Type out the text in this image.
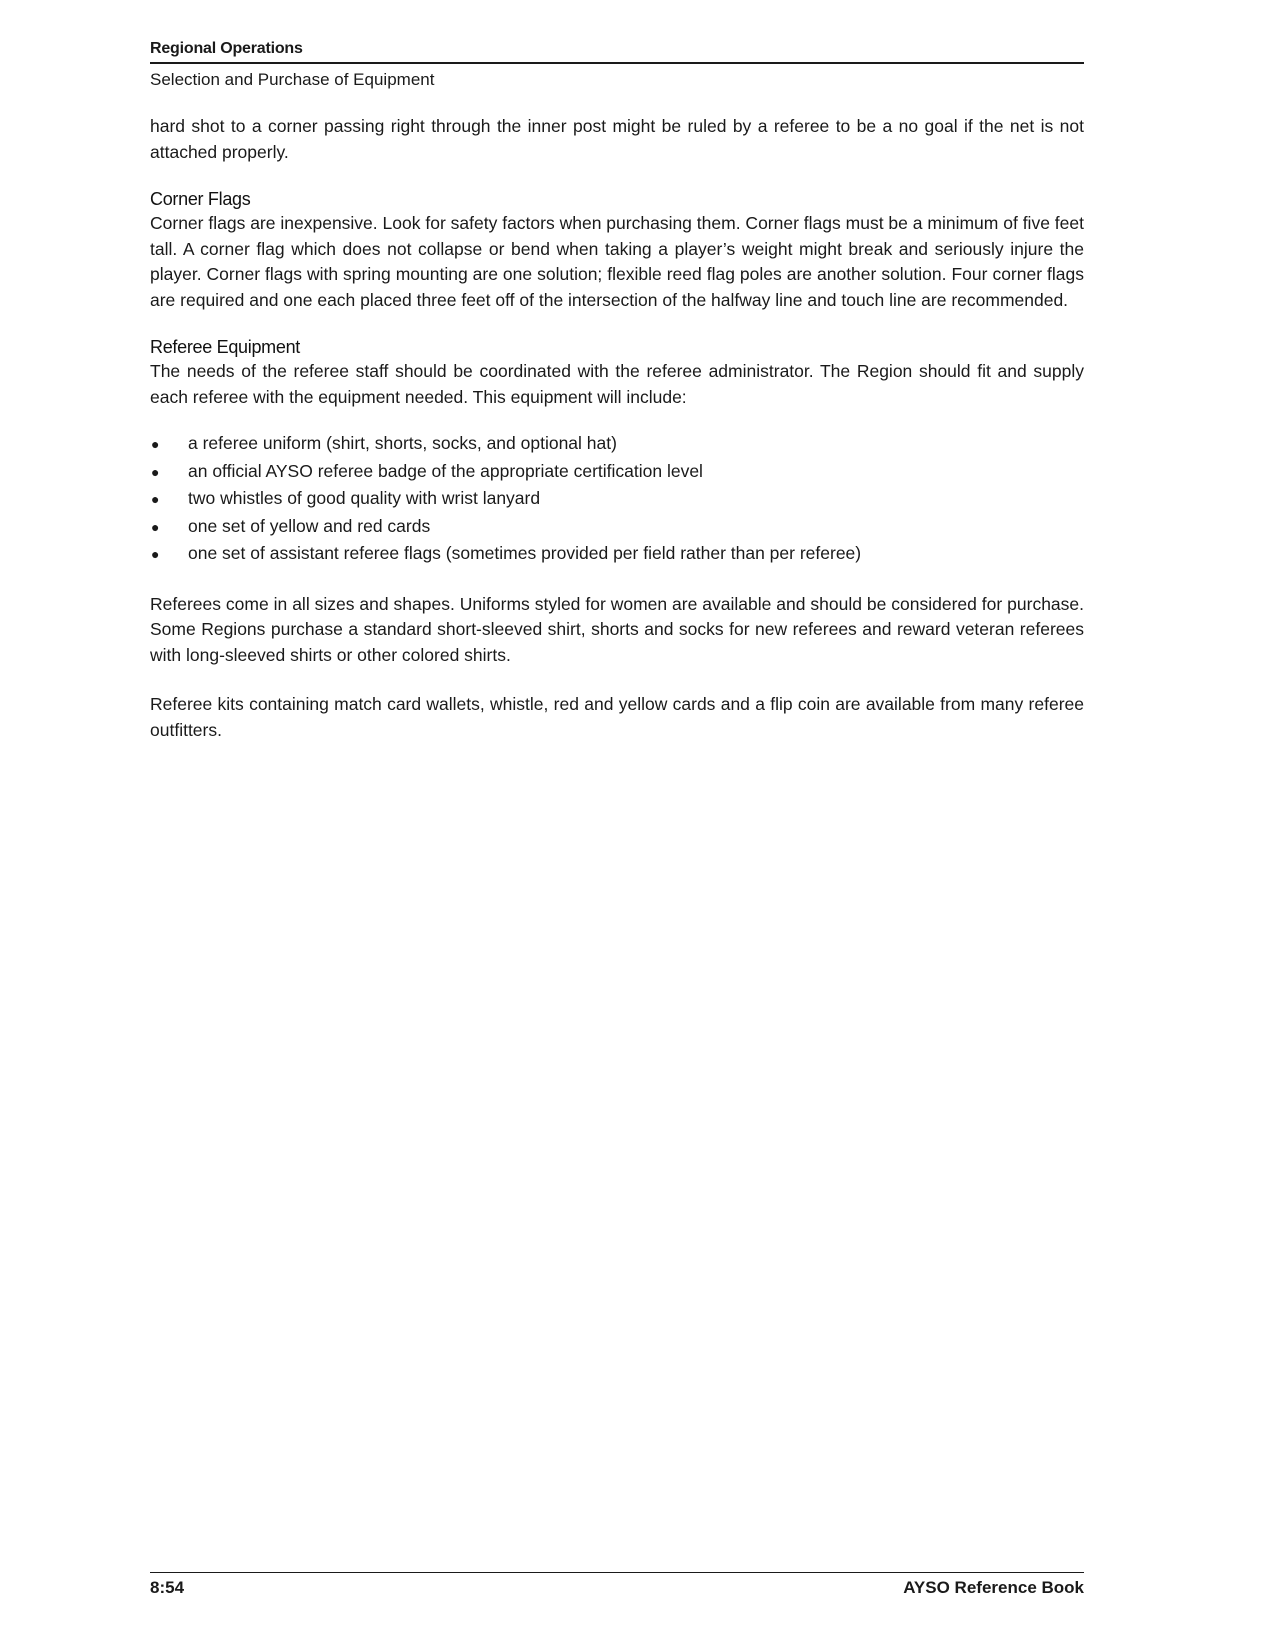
Regional Operations
Selection and Purchase of Equipment

hard shot to a corner passing right through the inner post might be ruled by a referee to be a no goal if the net is not attached properly.

Corner Flags

Corner flags are inexpensive. Look for safety factors when purchasing them. Corner flags must be a minimum of five feet tall. A corner flag which does not collapse or bend when taking a player’s weight might break and seriously injure the player. Corner flags with spring mounting are one solution; flexible reed flag poles are another solution. Four corner flags are required and one each placed three feet off of the intersection of the halfway line and touch line are recommended.

Referee Equipment

The needs of the referee staff should be coordinated with the referee administrator. The Region should fit and supply each referee with the equipment needed. This equipment will include:

●	a referee uniform (shirt, shorts, socks, and optional hat)
●	an official AYSO referee badge of the appropriate certification level
●	two whistles of good quality with wrist lanyard
●	one set of yellow and red cards
●	one set of assistant referee flags (sometimes provided per field rather than per referee)

Referees come in all sizes and shapes. Uniforms styled for women are available and should be considered for purchase. Some Regions purchase a standard short-sleeved shirt, shorts and socks for new referees and reward veteran referees with long-sleeved shirts or other colored shirts.

Referee kits containing match card wallets, whistle, red and yellow cards and a flip coin are available from many referee outfitters.

8:54	AYSO Reference Book
